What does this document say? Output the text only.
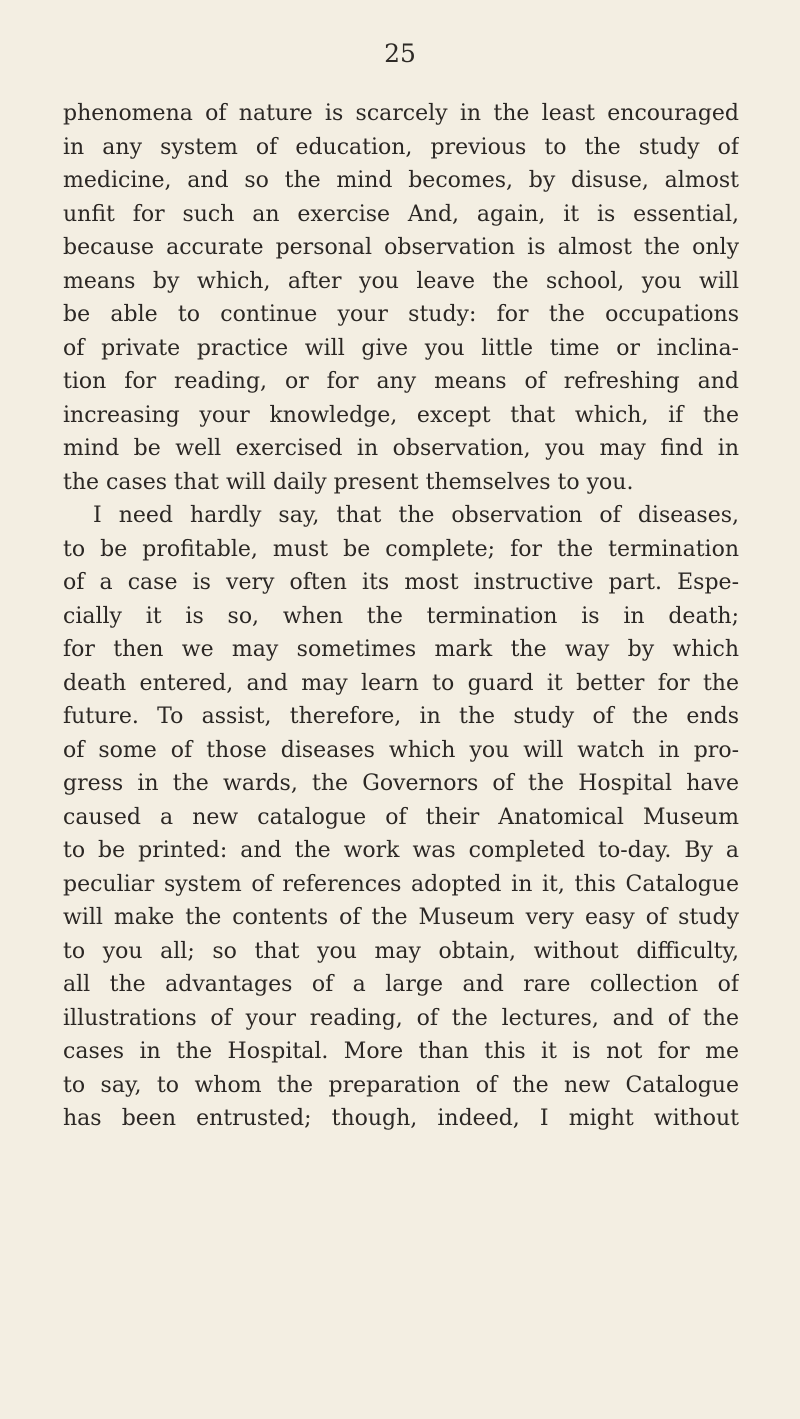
25
phenomena of nature is scarcely in the least encouraged
in any system of education, previous to the study of
medicine, and so the mind becomes, by disuse, almost
unfit for such an exercise And, again, it is essential,
because accurate personal observation is almost the only
means by which, after you leave the school, you will
be able to continue your study: for the occupations
of private practice will give you little time or inclina-
tion for reading, or for any means of refreshing and
increasing your knowledge, except that which, if the
mind be well exercised in observation, you may find in
the cases that will daily present themselves to you.
I need hardly say, that the observation of diseases,
to be profitable, must be complete; for the termination
of a case is very often its most instructive part. Espe-
cially it is so, when the termination is in death;
for then we may sometimes mark the way by which
death entered, and may learn to guard it better for the
future. To assist, therefore, in the study of the ends
of some of those diseases which you will watch in pro-
gress in the wards, the Governors of the Hospital have
caused a new catalogue of their Anatomical Museum
to be printed: and the work was completed to-day. By a
peculiar system of references adopted in it, this Catalogue
will make the contents of the Museum very easy of study
to you all; so that you may obtain, without difficulty,
all the advantages of a large and rare collection of
illustrations of your reading, of the lectures, and of the
cases in the Hospital. More than this it is not for me
to say, to whom the preparation of the new Catalogue
has been entrusted; though, indeed, I might without
